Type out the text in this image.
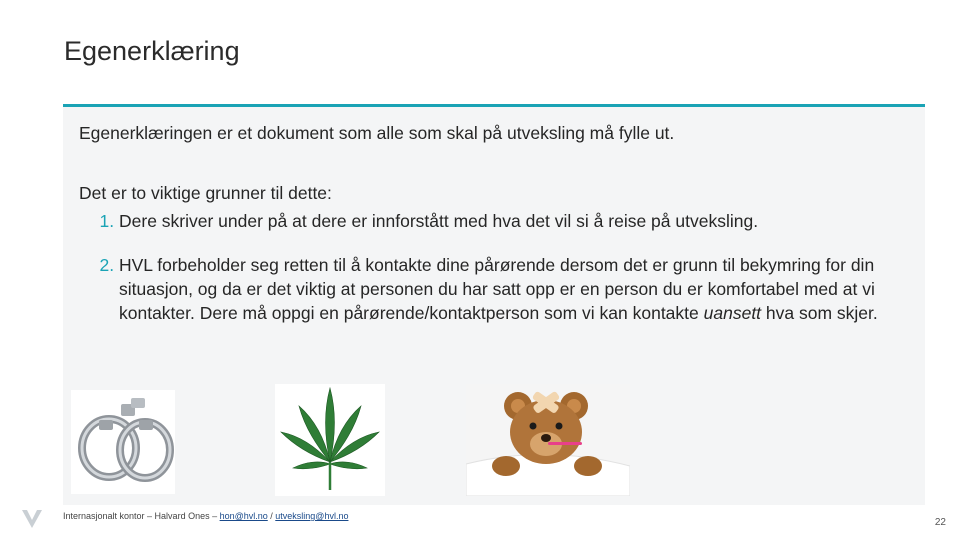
Egenerklæring

Egenerklæringen er et dokument som alle som skal på utveksling må fylle ut.

Det er to viktige grunner til dette:

1. Dere skriver under på at dere er innforstått med hva det vil si å reise på utveksling.
2. HVL forbeholder seg retten til å kontakte dine pårørende dersom det er grunn til bekymring for din situasjon, og da er det viktig at personen du har satt opp er en person du er komfortabel med at vi kontakter. Dere må oppgi en pårørende/kontaktperson som vi kan kontakte uansett hva som skjer.
Internasjonalt kontor – Halvard Ones – hon@hvl.no / utveksling@hvl.no
22
